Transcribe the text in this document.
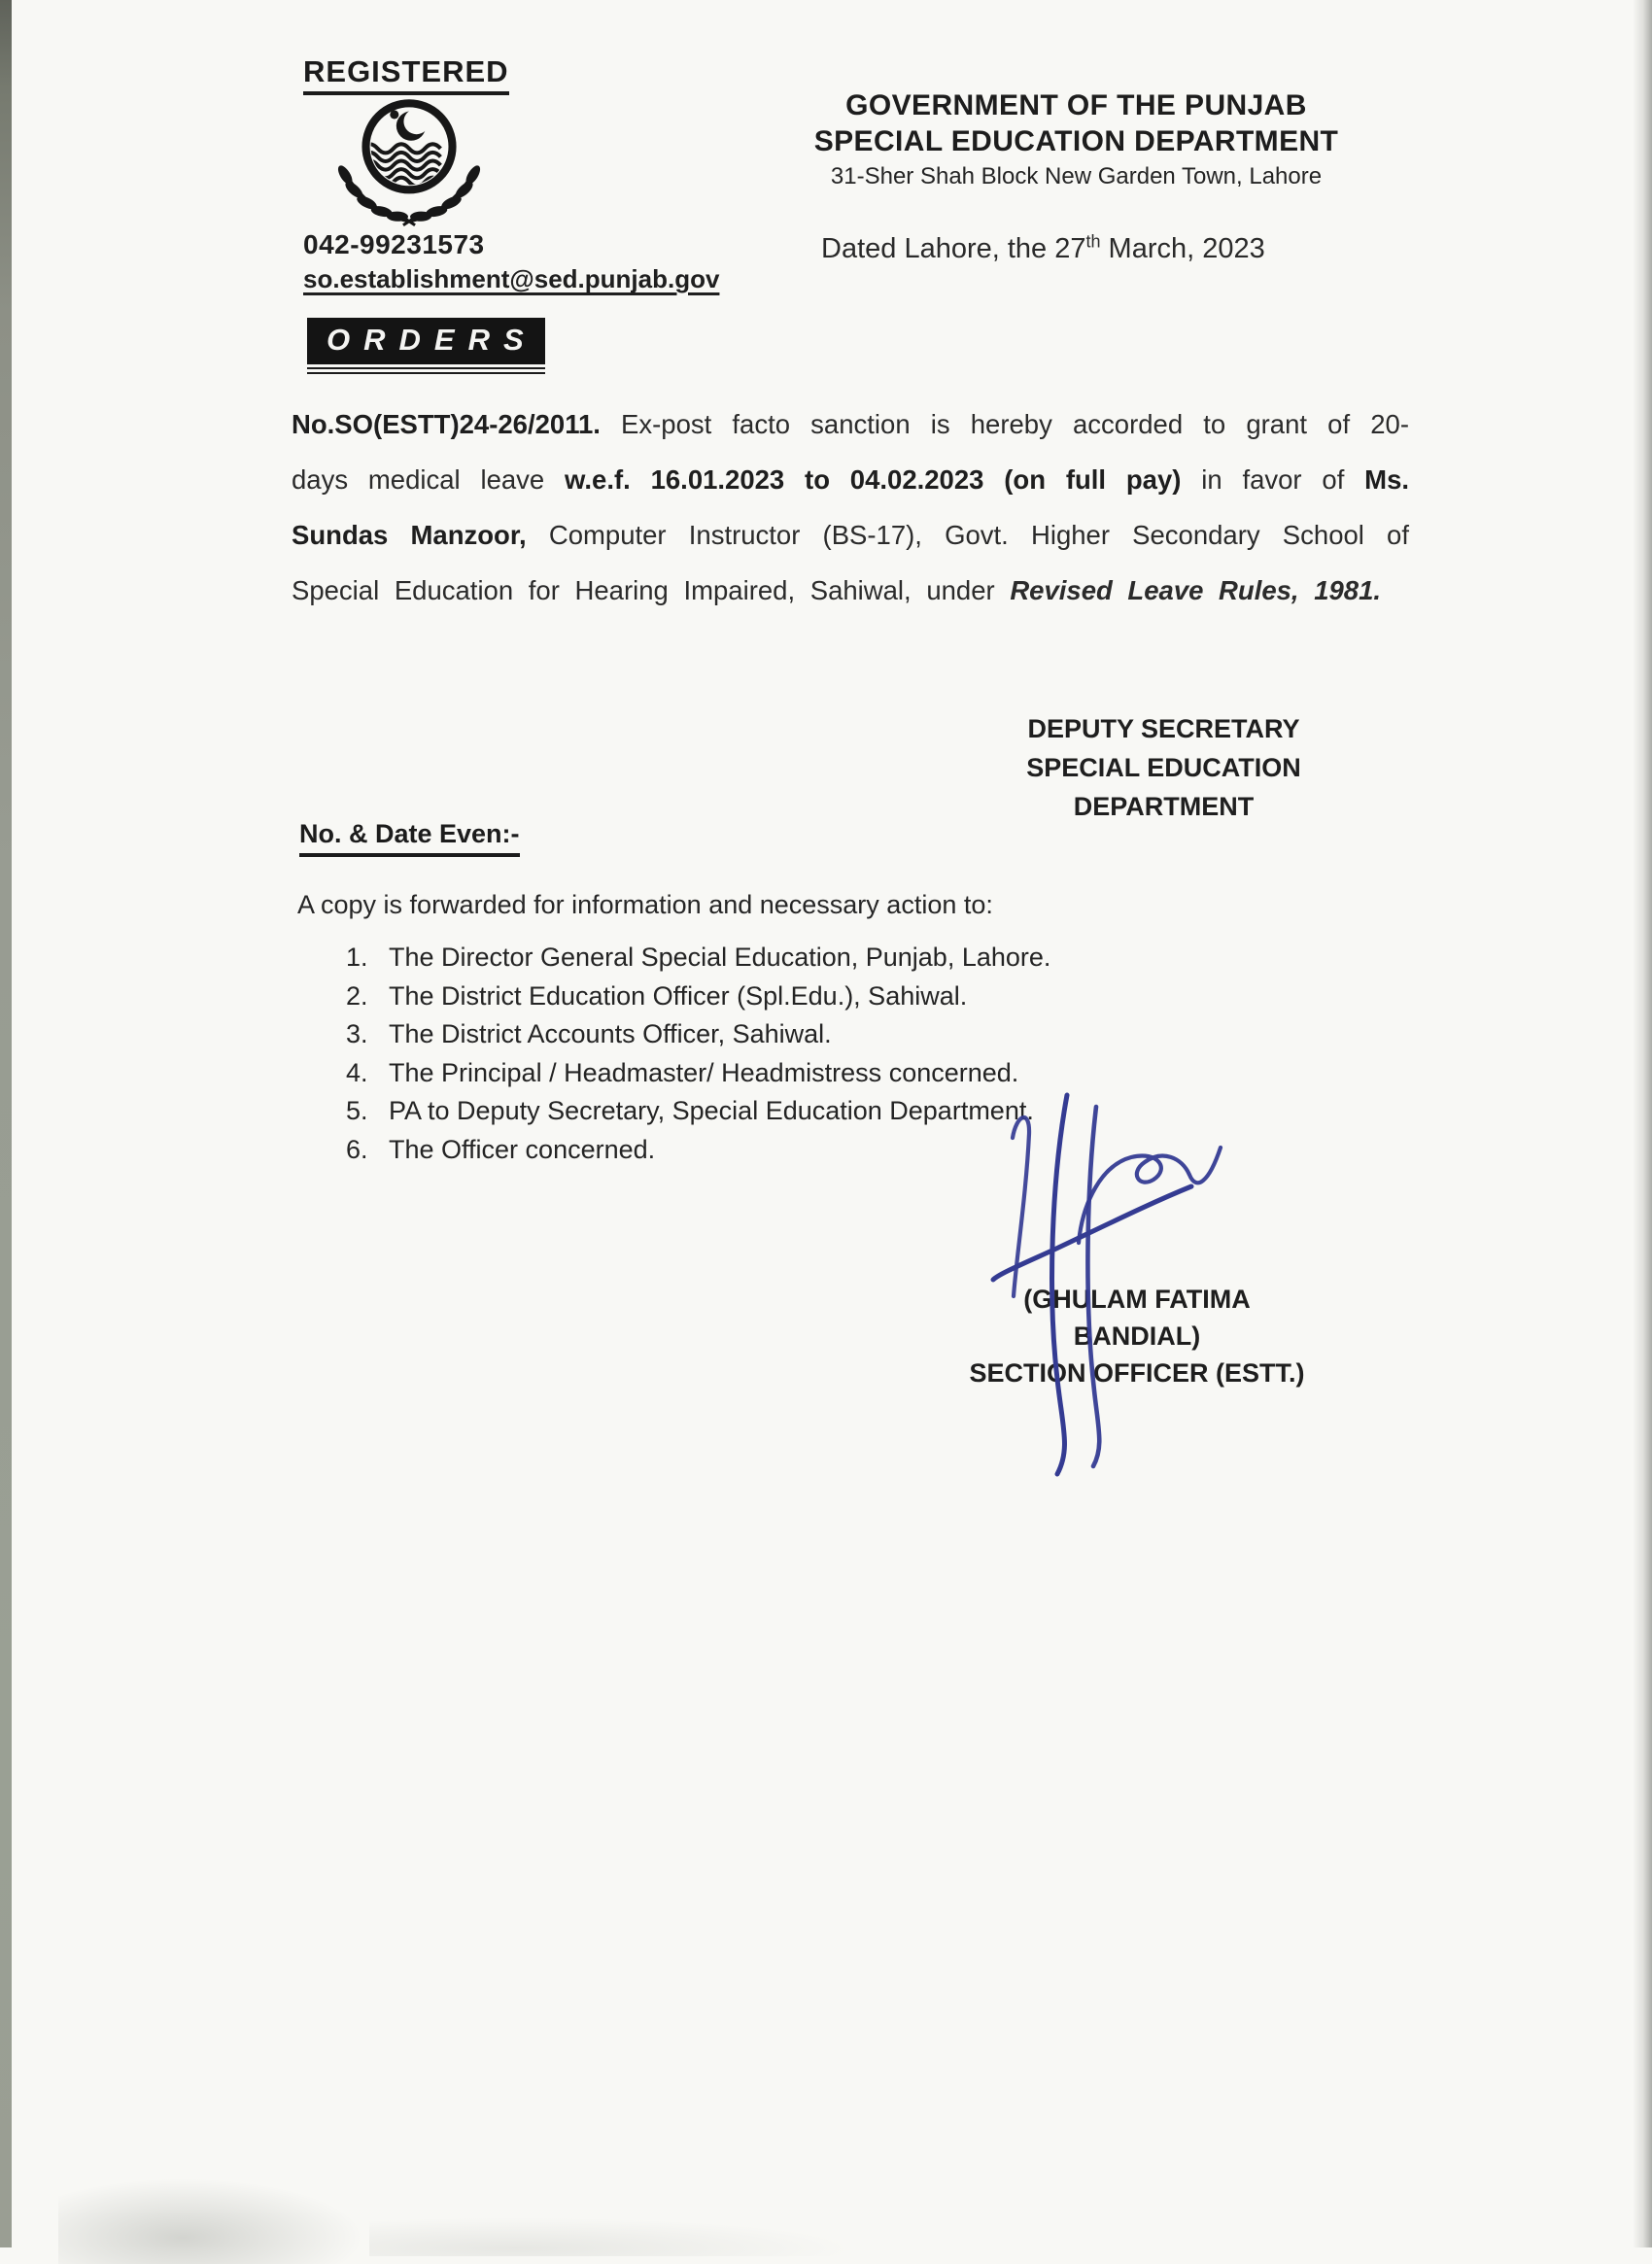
REGISTERED
042-99231573
so.establishment@sed.punjab.gov
GOVERNMENT OF THE PUNJAB
SPECIAL EDUCATION DEPARTMENT
31-Sher Shah Block New Garden Town, Lahore
Dated Lahore, the 27th March, 2023
ORDERS
No.SO(ESTT)24-26/2011. Ex-post facto sanction is hereby accorded to grant of 20-days medical leave w.e.f. 16.01.2023 to 04.02.2023 (on full pay) in favor of Ms. Sundas Manzoor, Computer Instructor (BS-17), Govt. Higher Secondary School of Special Education for Hearing Impaired, Sahiwal, under Revised Leave Rules, 1981.
DEPUTY SECRETARY
SPECIAL EDUCATION
DEPARTMENT
No. & Date Even:-
A copy is forwarded for information and necessary action to:
1. The Director General Special Education, Punjab, Lahore.
2. The District Education Officer (Spl.Edu.), Sahiwal.
3. The District Accounts Officer, Sahiwal.
4. The Principal / Headmaster/ Headmistress concerned.
5. PA to Deputy Secretary, Special Education Department.
6. The Officer concerned.
(GHULAM FATIMA BANDIAL)
SECTION OFFICER (ESTT.)
